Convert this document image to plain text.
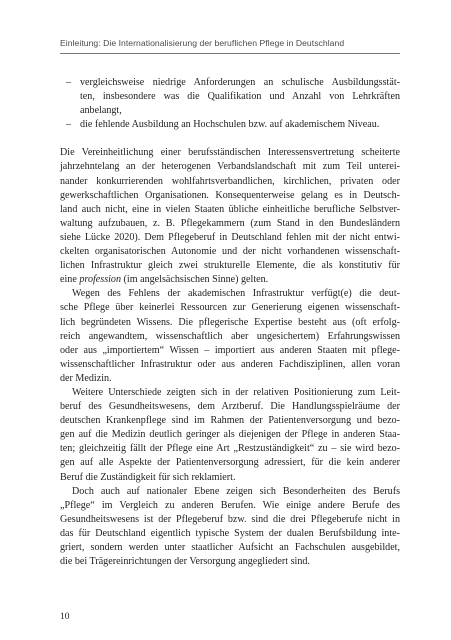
Einleitung: Die Internationalisierung der beruflichen Pflege in Deutschland
– vergleichsweise niedrige Anforderungen an schulische Ausbildungsstät-
ten, insbesondere was die Qualifikation und Anzahl von Lehrkräften
anbelangt,
– die fehlende Ausbildung an Hochschulen bzw. auf akademischem Niveau.
Die Vereinheitlichung einer berufsständischen Interessensvertretung scheiterte
jahrzehntelang an der heterogenen Verbandslandschaft mit zum Teil unterei-
nander konkurrierenden wohlfahrtsverbandlichen, kirchlichen, privaten oder
gewerkschaftlichen Organisationen. Konsequenterweise gelang es in Deutsch-
land auch nicht, eine in vielen Staaten übliche einheitliche berufliche Selbstver-
waltung aufzubauen, z. B. Pflegekammern (zum Stand in den Bundesländern
siehe Lücke 2020). Dem Pflegeberuf in Deutschland fehlen mit der nicht entwi-
ckelten organisatorischen Autonomie und der nicht vorhandenen wissenschaft-
lichen Infrastruktur gleich zwei strukturelle Elemente, die als konstitutiv für
eine profession (im angelsächsischen Sinne) gelten.
Wegen des Fehlens der akademischen Infrastruktur verfügt(e) die deut-
sche Pflege über keinerlei Ressourcen zur Generierung eigenen wissenschaft-
lich begründeten Wissens. Die pflegerische Expertise besteht aus (oft erfolg-
reich angewandtem, wissenschaftlich aber ungesichertem) Erfahrungswissen
oder aus „importiertem“ Wissen – importiert aus anderen Staaten mit pflege-
wissenschaftlicher Infrastruktur oder aus anderen Fachdisziplinen, allen voran
der Medizin.
Weitere Unterschiede zeigten sich in der relativen Positionierung zum Leit-
beruf des Gesundheitswesens, dem Arztberuf. Die Handlungsspielräume der
deutschen Krankenpflege sind im Rahmen der Patientenversorgung und bezo-
gen auf die Medizin deutlich geringer als diejenigen der Pflege in anderen Staa-
ten; gleichzeitig fällt der Pflege eine Art „Restzuständigkeit“ zu – sie wird bezo-
gen auf alle Aspekte der Patientenversorgung adressiert, für die kein anderer
Beruf die Zuständigkeit für sich reklamiert.
Doch auch auf nationaler Ebene zeigen sich Besonderheiten des Berufs
„Pflege“ im Vergleich zu anderen Berufen. Wie einige andere Berufe des
Gesundheitswesens ist der Pflegeberuf bzw. sind die drei Pflegeberufe nicht in
das für Deutschland eigentlich typische System der dualen Berufsbildung inte-
griert, sondern werden unter staatlicher Aufsicht an Fachschulen ausgebildet,
die bei Trägereinrichtungen der Versorgung angegliedert sind.
10
